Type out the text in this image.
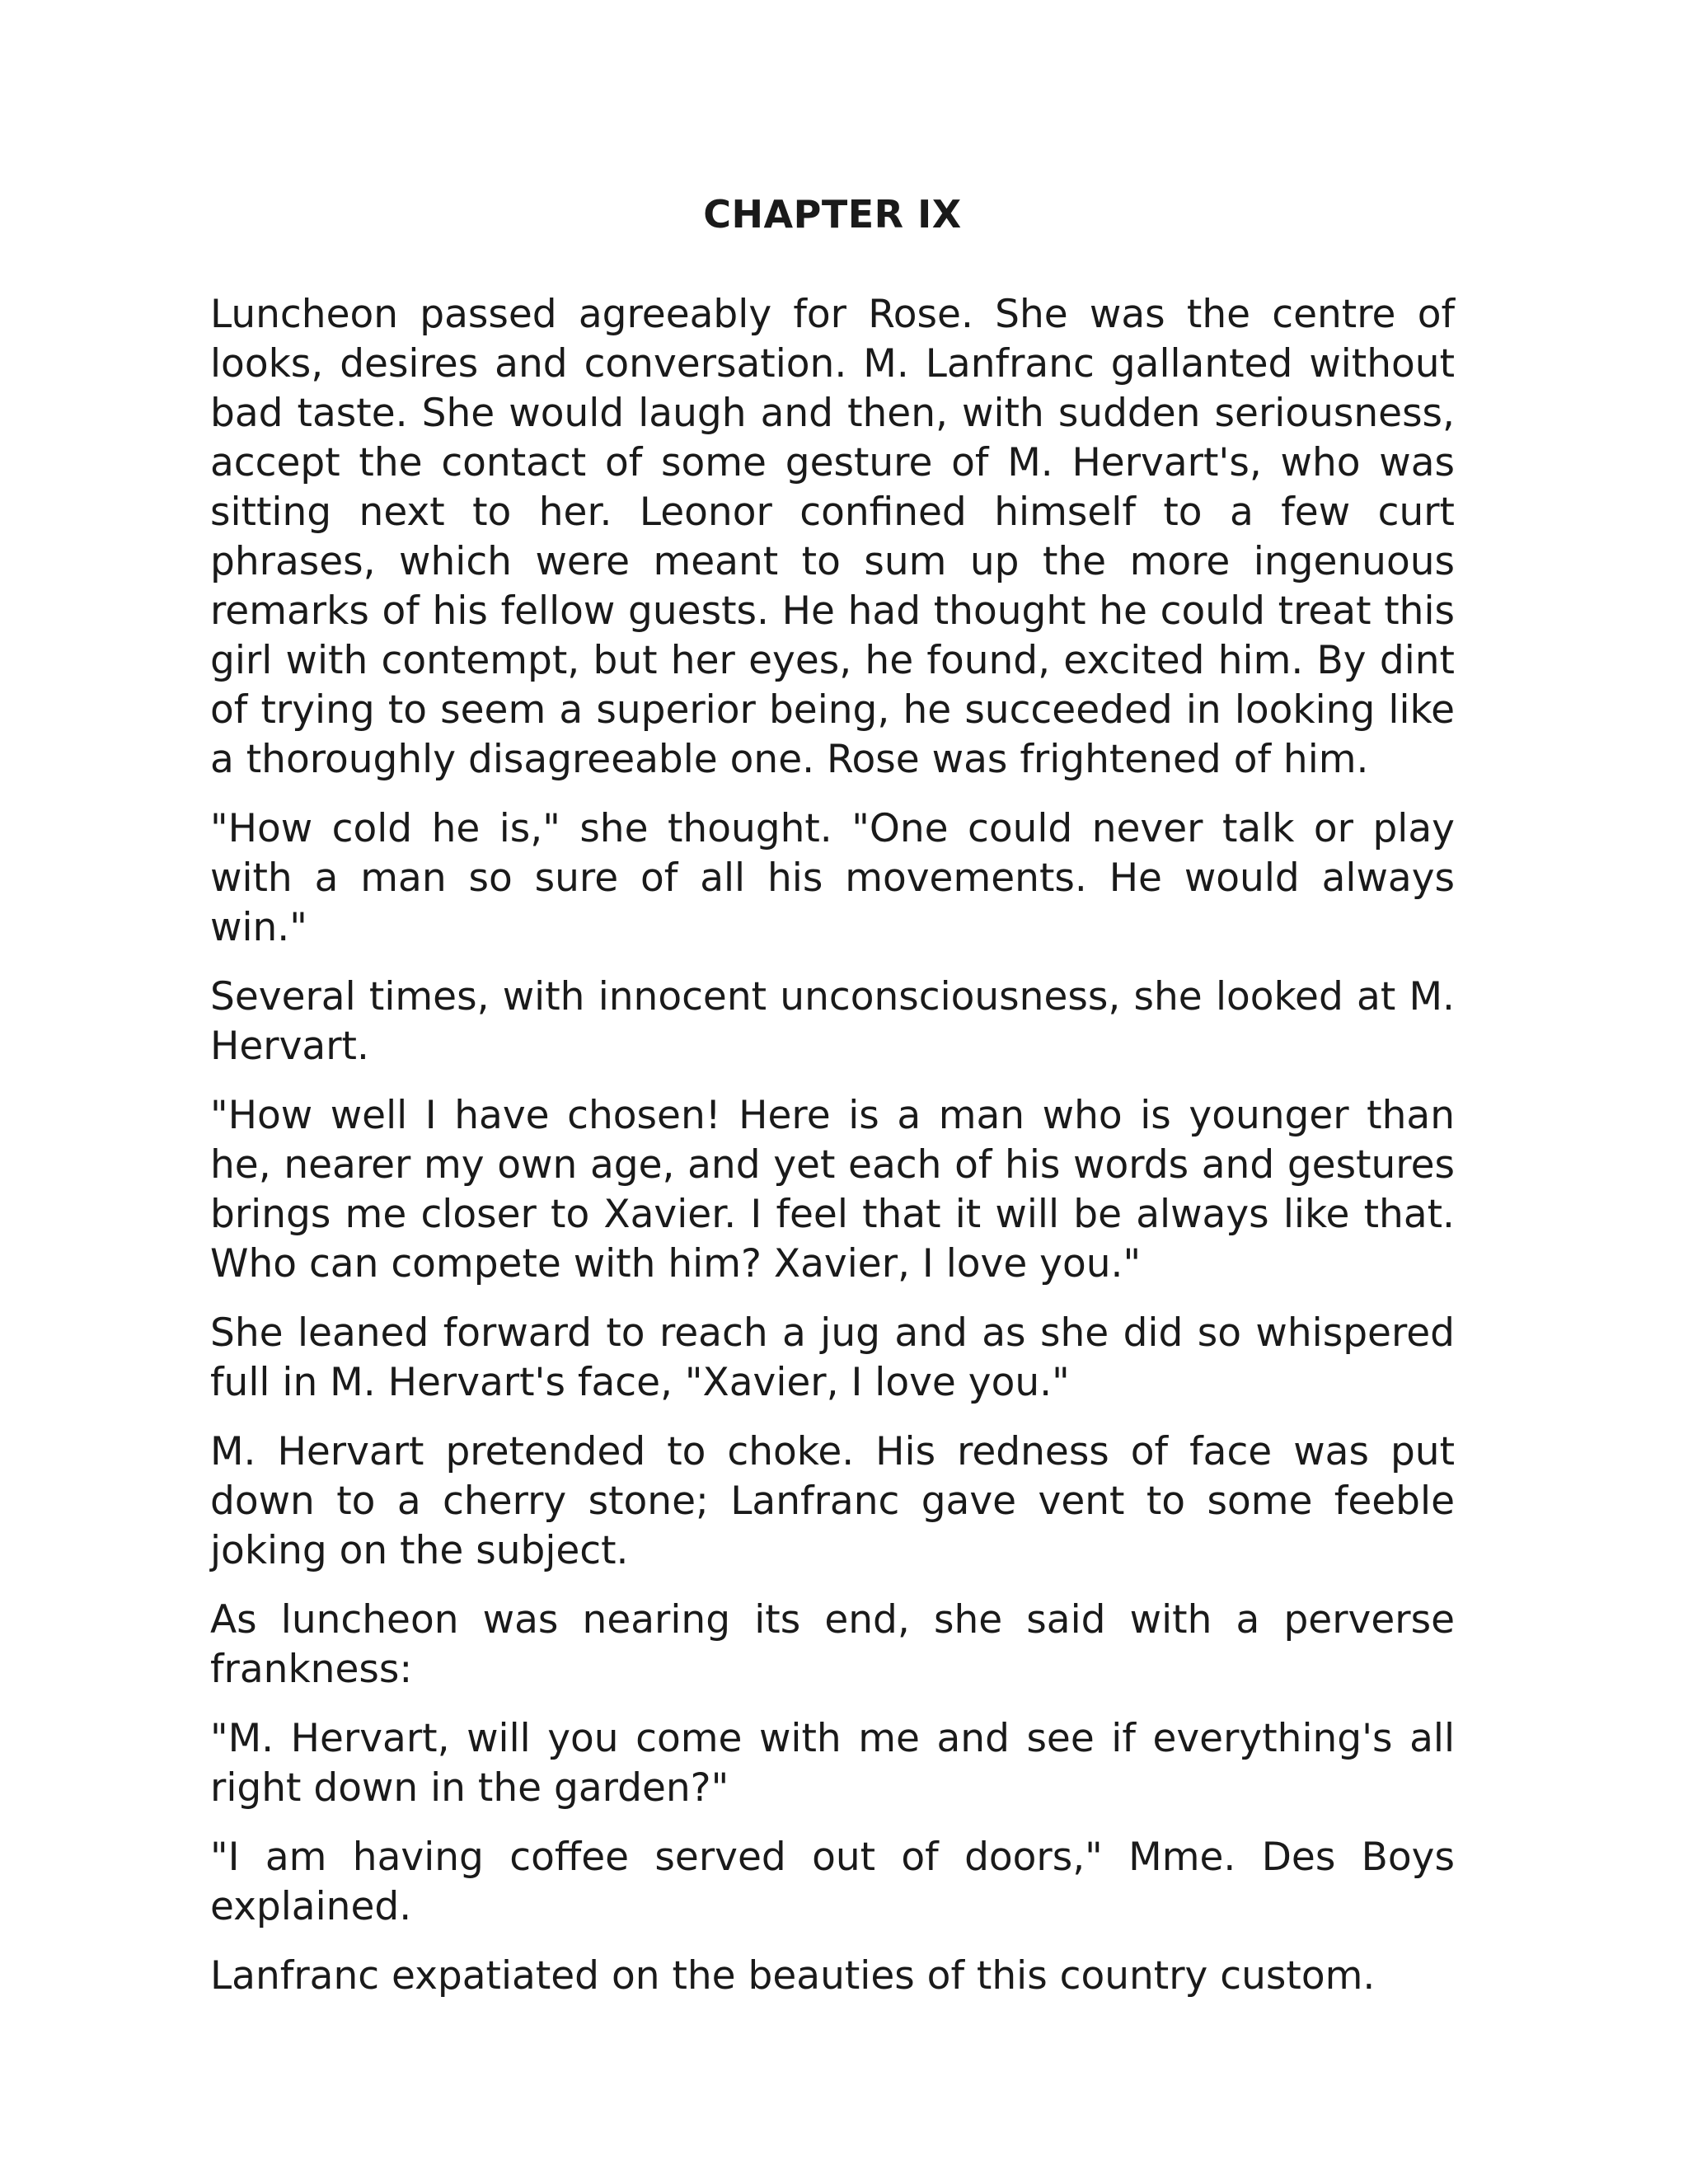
CHAPTER IX

Luncheon passed agreeably for Rose. She was the centre of looks, desires and conversation. M. Lanfranc gallanted without bad taste. She would laugh and then, with sudden seriousness, accept the contact of some gesture of M. Hervart's, who was sitting next to her. Leonor confined himself to a few curt phrases, which were meant to sum up the more ingenuous remarks of his fellow guests. He had thought he could treat this girl with contempt, but her eyes, he found, excited him. By dint of trying to seem a superior being, he succeeded in looking like a thoroughly disagreeable one. Rose was frightened of him.

"How cold he is," she thought. "One could never talk or play with a man so sure of all his movements. He would always win."

Several times, with innocent unconsciousness, she looked at M. Hervart.

"How well I have chosen! Here is a man who is younger than he, nearer my own age, and yet each of his words and gestures brings me closer to Xavier. I feel that it will be always like that. Who can compete with him? Xavier, I love you."

She leaned forward to reach a jug and as she did so whispered full in M. Hervart's face, "Xavier, I love you."

M. Hervart pretended to choke. His redness of face was put down to a cherry stone; Lanfranc gave vent to some feeble joking on the subject.

As luncheon was nearing its end, she said with a perverse frankness:

"M. Hervart, will you come with me and see if everything's all right down in the garden?"

"I am having coffee served out of doors," Mme. Des Boys explained.

Lanfranc expatiated on the beauties of this country custom.
